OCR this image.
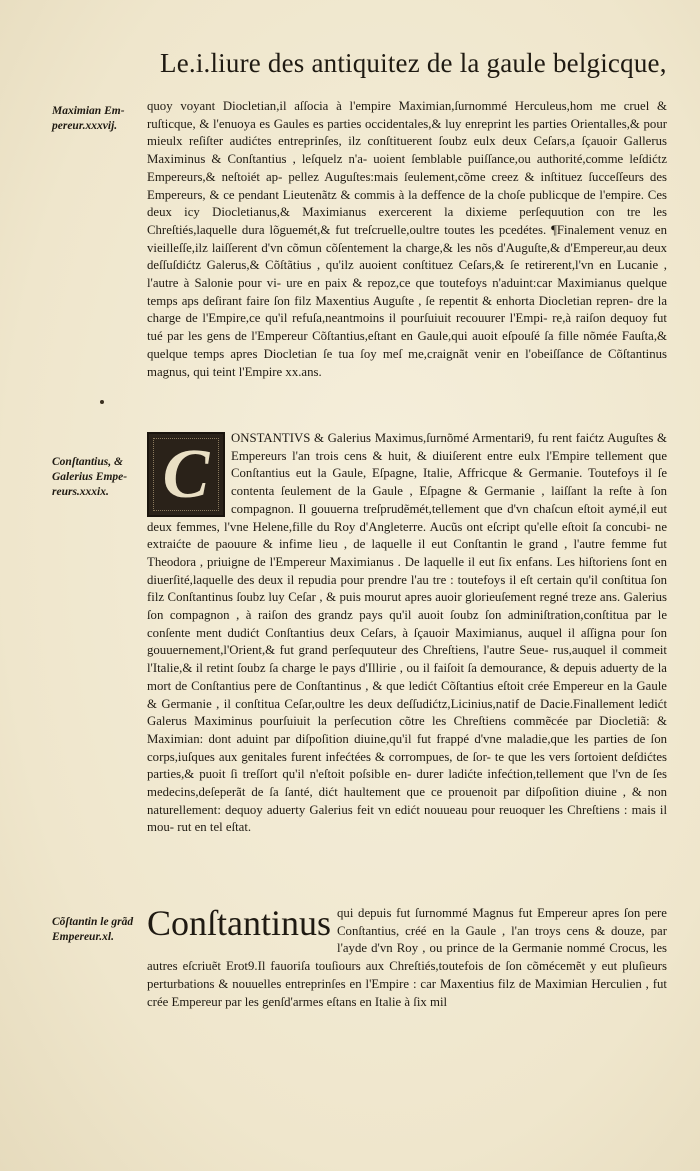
Le.i.liure des antiquitez de la gaule belgicque,
Maximian Em- pereur.xxxvij.

quoy voyant Diocletian,il aſſocia à l'empire Maximian,ſurnommé Herculeus,hom me cruel & ruſticque, & l'enuoya es Gaules es parties occidentales,& luy enreprint les parties Orientalles,& pour mieulx reſiſter audićtes entreprinſes, ilz conſtituerent ſoubz eulx deux Ceſars,a ſçauoir Gallerus Maximinus & Conſtantius , leſquelz n'a- uoient ſemblable puiſſance,ou authorité,comme leſdićtz Empereurs,& neſtoiét ap- pellez Auguſtes:mais ſeulement,cõme creez & inſtituez ſucceſſeurs des Empereurs, & ce pendant Lieutenãtz & commis à la deffence de la choſe publicque de l'empire. Ces deux icy Diocletianus,& Maximianus exercerent la dixieme perſequution con tre les Chreſtiés,laquelle dura lõguemét,& fut treſcruelle,oultre toutes les pcedétes. ¶Finalement venuz en vieilleſſe,ilz laiſſerent d'vn cõmun cõſentement la charge,& les nõs d'Auguſte,& d'Empereur,au deux deſſuſdićtz Galerus,& Cõſtãtius , qu'ilz auoient conſtituez Ceſars,& ſe retirerent,l'vn en Lucanie , l'autre à Salonie pour vi- ure en paix & repoz,ce que toutefoys n'aduint:car Maximianus quelque temps aps deſirant faire ſon filz Maxentius Auguſte , ſe repentit & enhorta Diocletian repren- dre la charge de l'Empire,ce qu'il refuſa,neantmoins il pourſuiuit recouurer l'Empi- re,à raiſon dequoy fut tué par les gens de l'Empereur Cõſtantius,eſtant en Gaule,qui auoit eſpouſé ſa fille nõmée Fauſta,& quelque temps apres Diocletian ſe tua ſoy meſ me,craignãt venir en l'obeiſſance de Cõſtantinus magnus, qui teint l'Empire xx.ans.

Conſtantius, & Galerius Empe- reurs.xxxix. C	ONSTANTIVS & Galerius Maximus,ſurnõmé Armentari9, fu rent faićtz Auguſtes & Empereurs l'an trois cens & huit, & diuiſerent entre eulx l'Empire tellement que Conſtantius eut la Gaule, Eſpagne, Italie, Affricque & Germanie. Toutefoys il ſe contenta ſeulement de la Gaule , Eſpagne & Germanie , laiſſant la reſte à ſon compagnon. Il gouuerna treſprudẽmét,tellement que d'vn chaſcun eſtoit aymé,il eut deux femmes, l'vne Helene,fille du Roy d'Angleterre. Aucũs ont eſcript qu'elle eſtoit ſa concubi- ne extraićte de paouure & infime lieu , de laquelle il eut Conſtantin le grand , l'autre femme fut Theodora , priuigne de l'Empereur Maximianus . De laquelle il eut ſix enfans. Les hiſtoriens ſont en diuerſité,laquelle des deux il repudia pour prendre l'au tre : toutefoys il eſt certain qu'il conſtitua ſon filz Conſtantinus ſoubz luy Ceſar , & puis mourut apres auoir glorieuſement regné treze ans. Galerius ſon compagnon , à raiſon des grandz pays qu'il auoit ſoubz ſon adminiſtration,conſtitua par le conſente ment dudićt Conſtantius deux Ceſars, à ſçauoir Maximianus, auquel il aſſigna pour ſon gouuernement,l'Orient,& fut grand perſequuteur des Chreſtiens, l'autre Seue- rus,auquel il commeit l'Italie,& il retint ſoubz ſa charge le pays d'Illirie , ou il faiſoit ſa demourance, & depuis aduerty de la mort de Conſtantius pere de Conſtantinus , & que ledićt Cõſtantius eſtoit crée Empereur en la Gaule & Germanie , il conſtitua Ceſar,oultre les deux deſſudićtz,Licinius,natif de Dacie.Finallement ledićt Galerus Maximinus pourſuiuit la perſecution cõtre les Chreſtiens commẽcée par Diocletiã: & Maximian: dont aduint par diſpoſition diuine,qu'il fut frappé d'vne maladie,que les parties de ſon corps,iuſques aux genitales furent infećtées & corrompues, de ſor- te que les vers ſortoient deſdićtes parties,& puoit ſi treſſort qu'il n'eſtoit poſsible en- durer ladićte infećtion,tellement que l'vn de ſes medecins,deſeperãt de ſa ſanté, dićt haultement que ce prouenoit par diſpoſition diuine , & non naturellement: dequoy aduerty Galerius feit vn edićt nouueau pour reuoquer les Chreſtiens : mais il mou- rut en tel eſtat.

Cõſtantin le grãd Empereur.xl. Conſtantinus qui depuis fut ſurnommé Magnus fut Empereur apres ſon pere Conſtantius, créé en la Gaule , l'an troys cens & douze, par l'ayde d'vn Roy , ou prince de la Germanie nommé Crocus, les autres eſcriuẽt Erot9.Il fauoriſa touſiours aux Chreſtiés,toutefois de ſon cõmécemẽt y eut pluſieurs perturbations & nouuelles entreprinſes en l'Empire : car Maxentius filz de Maximian Herculien , fut crée Empereur par les genſd'armes eſtans en Italie à ſix mil
